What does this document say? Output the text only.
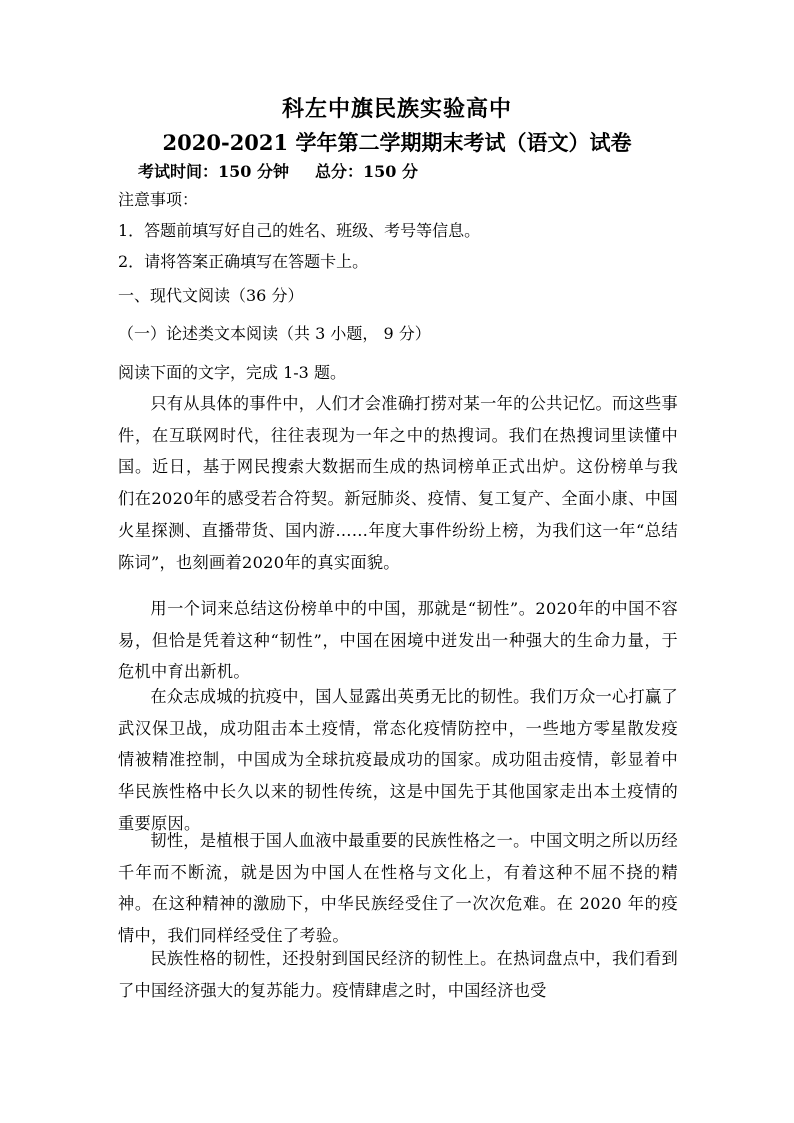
科左中旗民族实验高中
2020-2021 学年第二学期期末考试（语文）试卷
考试时间：150 分钟 总分：150 分
注意事项：
1．答题前填写好自己的姓名、班级、考号等信息。
2．请将答案正确填写在答题卡上。
一、现代文阅读（36 分）
（一）论述类文本阅读（共 3 小题， 9 分）
阅读下面的文字，完成 1-3 题。
只有从具体的事件中，人们才会准确打捞对某一年的公共记忆。而这些事件，在互联网时代，往往表现为一年之中的热搜词。我们在热搜词里读懂中国。近日，基于网民搜索大数据而生成的热词榜单正式出炉。这份榜单与我们在2020年的感受若合符契。新冠肺炎、疫情、复工复产、全面小康、中国火星探测、直播带货、国内游……年度大事件纷纷上榜，为我们这一年“总结陈词”，也刻画着2020年的真实面貌。
用一个词来总结这份榜单中的中国，那就是“韧性”。2020年的中国不容易，但恰是凭着这种“韧性”，中国在困境中迸发出一种强大的生命力量，于危机中育出新机。
在众志成城的抗疫中，国人显露出英勇无比的韧性。我们万众一心打赢了武汉保卫战，成功阻击本土疫情，常态化疫情防控中，一些地方零星散发疫情被精准控制，中国成为全球抗疫最成功的国家。成功阻击疫情，彰显着中华民族性格中长久以来的韧性传统，这是中国先于其他国家走出本土疫情的重要原因。
韧性，是植根于国人血液中最重要的民族性格之一。中国文明之所以历经千年而不断流，就是因为中国人在性格与文化上，有着这种不屈不挠的精神。在这种精神的激励下，中华民族经受住了一次次危难。在 2020 年的疫情中，我们同样经受住了考验。
民族性格的韧性，还投射到国民经济的韧性上。在热词盘点中，我们看到了中国经济强大的复苏能力。疫情肆虐之时，中国经济也受
